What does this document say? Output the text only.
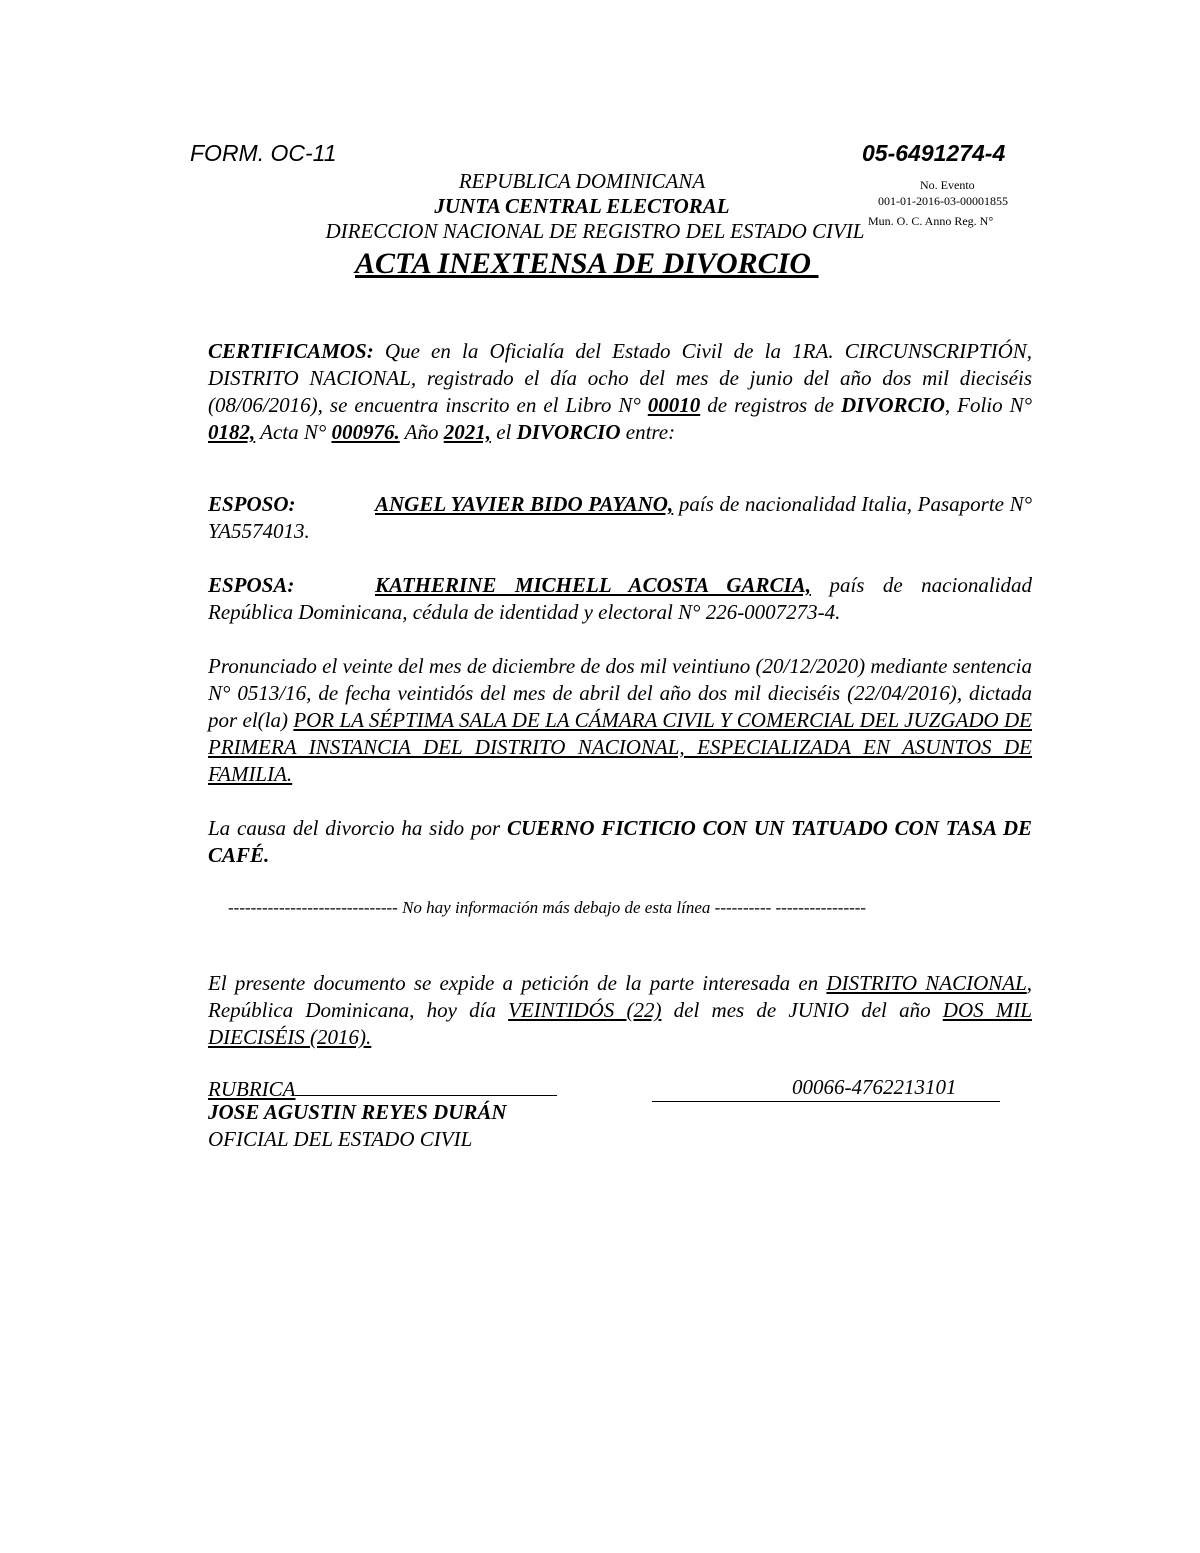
FORM. OC-11	05-6491274-4
REPUBLICA DOMINICANA
JUNTA CENTRAL ELECTORAL
DIRECCION NACIONAL DE REGISTRO DEL ESTADO CIVIL
No. Evento
001-01-2016-03-00001855
Mun. O. C. Anno Reg. N°
ACTA INEXTENSA DE DIVORCIO
CERTIFICAMOS: Que en la Oficialía del Estado Civil de la 1RA. CIRCUNSCRIPTIÓN, DISTRITO NACIONAL, registrado el día ocho del mes de junio del año dos mil dieciséis (08/06/2016), se encuentra inscrito en el Libro N° 00010 de registros de DIVORCIO, Folio N° 0182, Acta N° 000976. Año 2021, el DIVORCIO entre:
ESPOSO:	ANGEL YAVIER BIDO PAYANO, país de nacionalidad Italia, Pasaporte N° YA5574013.
ESPOSA:	KATHERINE MICHELL ACOSTA GARCIA, país de nacionalidad República Dominicana, cédula de identidad y electoral N° 226-0007273-4.
Pronunciado el veinte del mes de diciembre de dos mil veintiuno (20/12/2020) mediante sentencia N° 0513/16, de fecha veintidós del mes de abril del año dos mil dieciséis (22/04/2016), dictada por el(la) POR LA SÉPTIMA SALA DE LA CÁMARA CIVIL Y COMERCIAL DEL JUZGADO DE PRIMERA INSTANCIA DEL DISTRITO NACIONAL, ESPECIALIZADA EN ASUNTOS DE FAMILIA.
La causa del divorcio ha sido por CUERNO FICTICIO CON UN TATUADO CON TASA DE CAFÉ.
------------------------------ No hay información más debajo de esta línea ---------- ----------------
El presente documento se expide a petición de la parte interesada en DISTRITO NACIONAL, República Dominicana, hoy día VEINTIDÓS (22) del mes de JUNIO del año DOS MIL DIECISÉIS (2016).
RUBRICA	00066-4762213101
JOSE AGUSTIN REYES DURÁN
OFICIAL DEL ESTADO CIVIL
